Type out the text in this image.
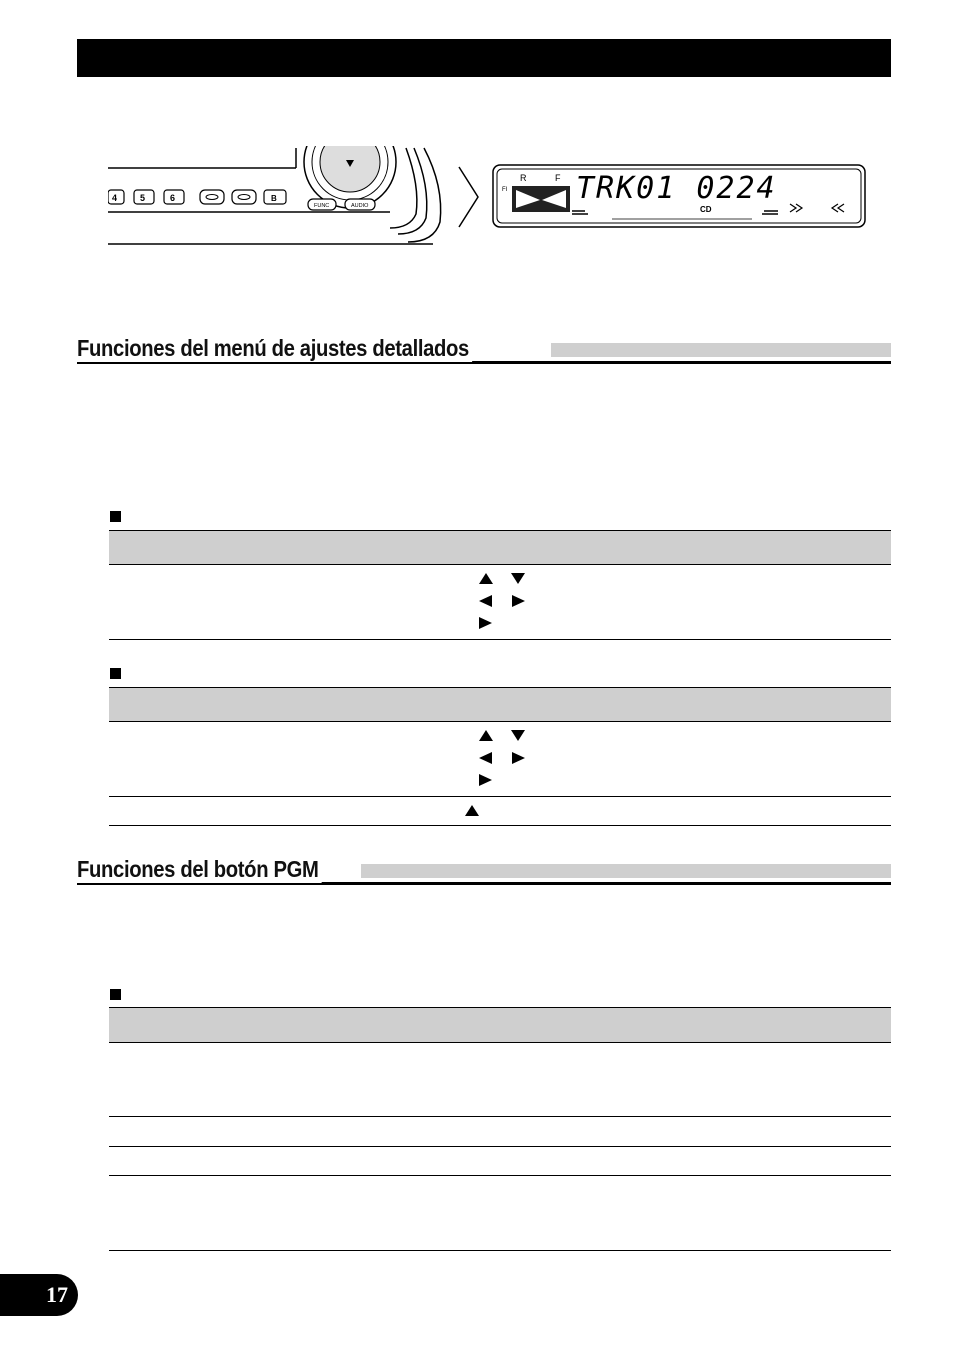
4	5	6	B
FUNC	AUDIO
R	F
FI TRK01 0224
CD
Funciones del menú de ajustes detallados
Funciones del botón PGM
17
